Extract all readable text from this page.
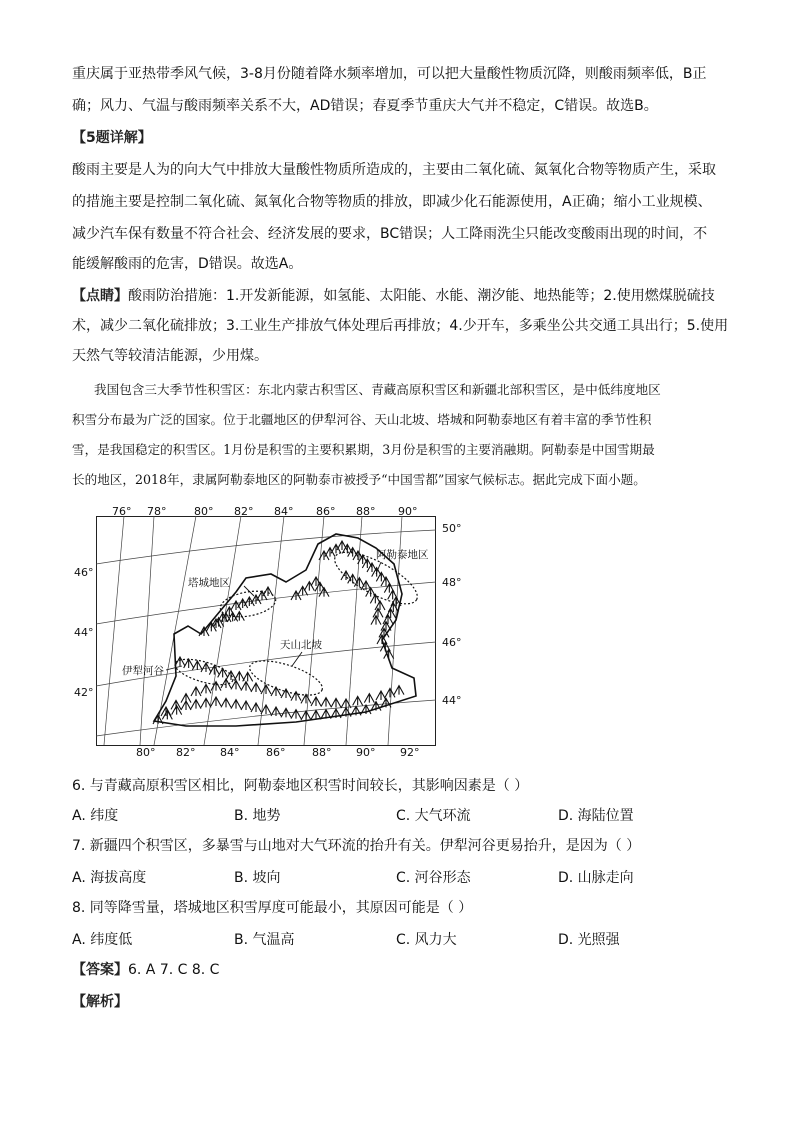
重庆属于亚热带季风气候，3-8月份随着降水频率增加，可以把大量酸性物质沉降，则酸雨频率低，B正
确；风力、气温与酸雨频率关系不大，AD错误；春夏季节重庆大气并不稳定，C错误。故选B。
【5题详解】
酸雨主要是人为的向大气中排放大量酸性物质所造成的，主要由二氧化硫、氮氧化合物等物质产生，采取
的措施主要是控制二氧化硫、氮氧化合物等物质的排放，即减少化石能源使用，A正确；缩小工业规模、
减少汽车保有数量不符合社会、经济发展的要求，BC错误；人工降雨洗尘只能改变酸雨出现的时间，不
能缓解酸雨的危害，D错误。故选A。
【点睛】酸雨防治措施：1.开发新能源，如氢能、太阳能、水能、潮汐能、地热能等；2.使用燃煤脱硫技
术，减少二氧化硫排放；3.工业生产排放气体处理后再排放；4.少开车，多乘坐公共交通工具出行；5.使用
天然气等较清洁能源，少用煤。
我国包含三大季节性积雪区：东北内蒙古积雪区、青藏高原积雪区和新疆北部积雪区，是中低纬度地区
积雪分布最为广泛的国家。位于北疆地区的伊犁河谷、天山北坡、塔城和阿勒泰地区有着丰富的季节性积
雪，是我国稳定的积雪区。1月份是积雪的主要积累期，3月份是积雪的主要消融期。阿勒泰是中国雪期最
长的地区，2018年，隶属阿勒泰地区的阿勒泰市被授予“中国雪都”国家气候标志。据此完成下面小题。
阿勒泰地区
塔城地区
天山北坡
伊犁河谷
76° 78°	80° 82° 84° 86° 88° 90°
80° 82° 84° 86° 88° 90° 92°
46°
44°
42°
50°
48°
46°
44°
6. 与青藏高原积雪区相比，阿勒泰地区积雪时间较长，其影响因素是（ ）
A. 纬度	B. 地势	C. 大气环流	D. 海陆位置
7. 新疆四个积雪区，多暴雪与山地对大气环流的抬升有关。伊犁河谷更易抬升，是因为（ ）
A. 海拔高度	B. 坡向	C. 河谷形态	D. 山脉走向
8. 同等降雪量，塔城地区积雪厚度可能最小，其原因可能是（ ）
A. 纬度低	B. 气温高	C. 风力大	D. 光照强
【答案】6. A 7. C 8. C
【解析】
